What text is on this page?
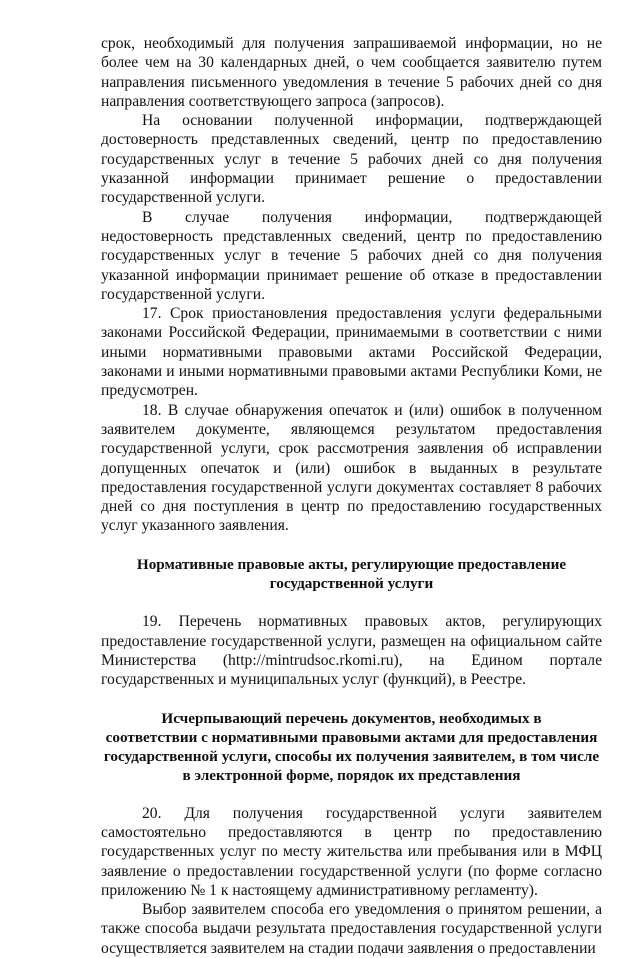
срок, необходимый для получения запрашиваемой информации, но не более чем на 30 календарных дней, о чем сообщается заявителю путем направления письменного уведомления в течение 5 рабочих дней со дня направления соответствующего запроса (запросов).

На основании полученной информации, подтверждающей достоверность представленных сведений, центр по предоставлению государственных услуг в течение 5 рабочих дней со дня получения указанной информации принимает решение о предоставлении государственной услуги.

В случае получения информации, подтверждающей недостоверность представленных сведений, центр по предоставлению государственных услуг в течение 5 рабочих дней со дня получения указанной информации принимает решение об отказе в предоставлении государственной услуги.

17. Срок приостановления предоставления услуги федеральными законами Российской Федерации, принимаемыми в соответствии с ними иными нормативными правовыми актами Российской Федерации, законами и иными нормативными правовыми актами Республики Коми, не предусмотрен.

18. В случае обнаружения опечаток и (или) ошибок в полученном заявителем документе, являющемся результатом предоставления государственной услуги, срок рассмотрения заявления об исправлении допущенных опечаток и (или) ошибок в выданных в результате предоставления государственной услуги документах составляет 8 рабочих дней со дня поступления в центр по предоставлению государственных услуг указанного заявления.

Нормативные правовые акты, регулирующие предоставление
государственной услуги

19. Перечень нормативных правовых актов, регулирующих предоставление государственной услуги, размещен на официальном сайте Министерства (http://mintrudsoc.rkomi.ru), на Едином портале государственных и муниципальных услуг (функций), в Реестре.

Исчерпывающий перечень документов, необходимых в
соответствии с нормативными правовыми актами для предоставления
государственной услуги, способы их получения заявителем, в том числе
в электронной форме, порядок их представления

20. Для получения государственной услуги заявителем самостоятельно предоставляются в центр по предоставлению государственных услуг по месту жительства или пребывания или в МФЦ заявление о предоставлении государственной услуги (по форме согласно приложению № 1 к настоящему административному регламенту).

Выбор заявителем способа его уведомления о принятом решении, а также способа выдачи результата предоставления государственной услуги осуществляется заявителем на стадии подачи заявления о предоставлении
